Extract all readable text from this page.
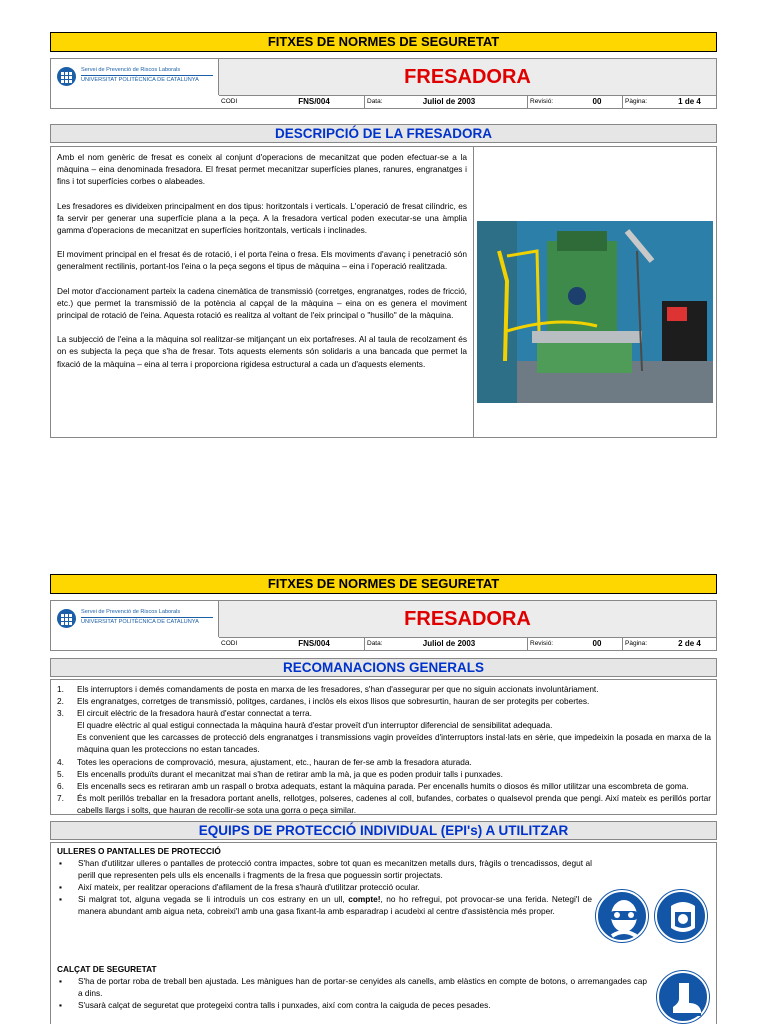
FITXES DE NORMES DE SEGURETAT
Servei de Prevenció de Riscos Laborals
UNIVERSITAT POLITÈCNICA DE CATALUNYA	FRESADORA
CODI	FNS/004	Data:	Juliol de 2003	Revisió:	00	Pàgina:	1 de 4
DESCRIPCIÓ DE LA FRESADORA

Amb el nom genèric de fresat es coneix al conjunt d'operacions de mecanitzat que poden efectuar-se a la màquina – eina denominada fresadora. El fresat permet mecanitzar superfícies planes, ranures, engranatges i fins i tot superfícies corbes o alabeades.

Les fresadores es divideixen principalment en dos tipus: horitzontals i verticals. L'operació de fresat cilíndric, es fa servir per generar una superfície plana a la peça. A la fresadora vertical poden executar-se una àmplia gamma d'operacions de mecanitzat en superfícies horitzontals, verticals i inclinades.

El moviment principal en el fresat és de rotació, i el porta l'eina o fresa. Els moviments d'avanç i penetració són generalment rectilinis, portant-los l'eina o la peça segons el tipus de màquina – eina i l'operació realitzada.

Del motor d'accionament parteix la cadena cinemàtica de transmissió (corretges, engranatges, rodes de fricció, etc.) que permet la transmissió de la potència al capçal de la màquina – eina on es genera el moviment principal de rotació de l'eina. Aquesta rotació es realitza al voltant de l'eix principal o "husillo" de la màquina.

La subjecció de l'eina a la màquina sol realitzar-se mitjançant un eix portafreses. Al al taula de recolzament és on es subjecta la peça que s'ha de fresar. Tots aquests elements són solidaris a una bancada que permet la fixació de la màquina – eina al terra i proporciona rigidesa estructural a cada un d'aquests elements.

FITXES DE NORMES DE SEGURETAT
Servei de Prevenció de Riscos Laborals
UNIVERSITAT POLITÈCNICA DE CATALUNYA	FRESADORA
CODI	FNS/004	Data:	Juliol de 2003	Revisió:	00	Pàgina:	2 de 4
RECOMANACIONS GENERALS
1. Els interruptors i demés comandaments de posta en marxa de les fresadores, s'han d'assegurar per que no siguin accionats involuntàriament.
2. Els engranatges, corretges de transmissió, politges, cardanes, i inclòs els eixos llisos que sobresurtin, hauran de ser protegits per cobertes.
3. El circuit elèctric de la fresadora haurà d'estar connectat a terra.
El quadre elèctric al qual estigui connectada la màquina haurà d'estar proveït d'un interruptor diferencial de sensibilitat adequada.
Es convenient que les carcasses de protecció dels engranatges i transmissions vagin proveïdes d'interruptors instal·lats en sèrie, que impedeixin la posada en marxa de la màquina quan les proteccions no estan tancades.
4. Totes les operacions de comprovació, mesura, ajustament, etc., hauran de fer-se amb la fresadora aturada.
5. Els encenalls produïts durant el mecanitzat mai s'han de retirar amb la mà, ja que es poden produir talls i punxades.
6. Els encenalls secs es retiraran amb un raspall o brotxa adequats, estant la màquina parada. Per encenalls humits o diosos és millor utilitzar una escombreta de goma.
7. És molt perillós treballar en la fresadora portant anells, rellotges, polseres, cadenes al coll, bufandes, corbates o qualsevol prenda que pengi. Així mateix es perillós portar cabells llargs i solts, que hauran de recollir-se sota una gorra o peça similar.
EQUIPS DE PROTECCIÓ INDIVIDUAL (EPI's) A UTILITZAR
ULLERES O PANTALLES DE PROTECCIÓ
▪ S'han d'utilitzar ulleres o pantalles de protecció contra impactes, sobre tot quan es mecanitzen metalls durs, fràgils o trencadissos, degut al perill que representen pels ulls els encenalls i fragments de la fresa que poguessin sortir projectats.
▪ Així mateix, per realitzar operacions d'afilament de la fresa s'haurà d'utilitzar protecció ocular.
▪ Si malgrat tot, alguna vegada se li introduís un cos estrany en un ull, compte!, no ho refregui, pot provocar-se una ferida. Netegi'l de manera abundant amb aigua neta, cobreixi'l amb una gasa fixant-la amb esparadrap i acudeixi al centre d'assistència més proper.
CALÇAT DE SEGURETAT
▪ S'ha de portar roba de treball ben ajustada. Les mànigues han de portar-se cenyides als canells, amb elàstics en compte de botons, o arremangades cap a dins.
▪ S'usarà calçat de seguretat que protegeixi contra talls i punxades, així com contra la caiguda de peces pesades.
